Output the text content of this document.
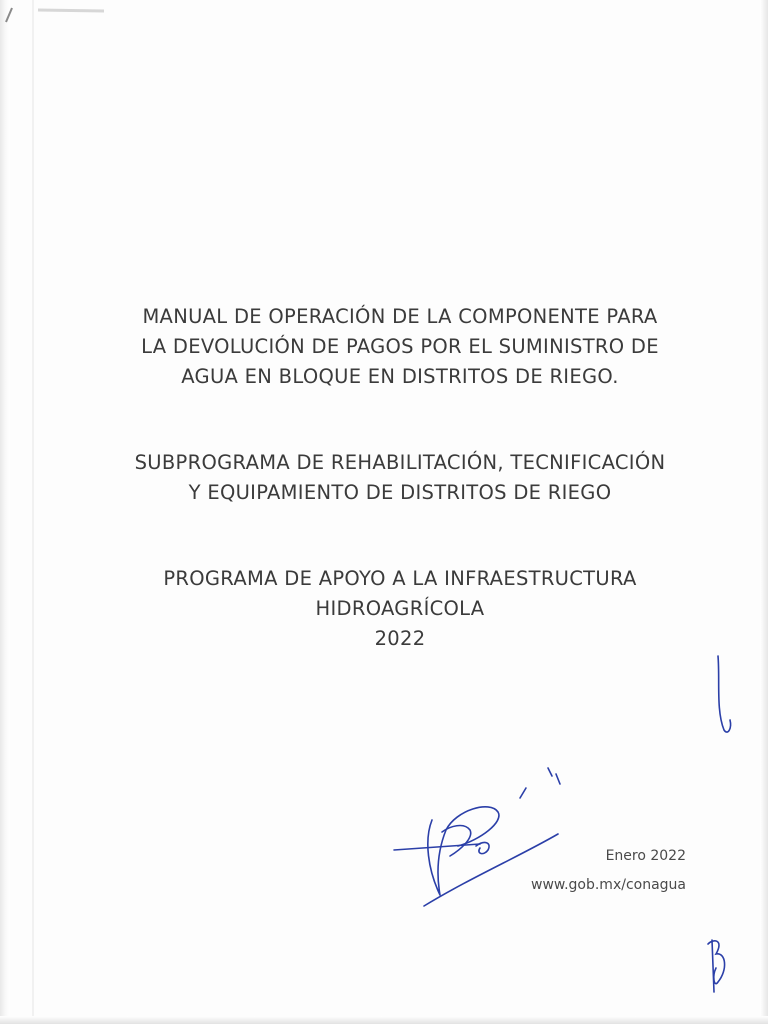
MANUAL DE OPERACIÓN DE LA COMPONENTE PARA
LA DEVOLUCIÓN DE PAGOS POR EL SUMINISTRO DE
AGUA EN BLOQUE EN DISTRITOS DE RIEGO.
SUBPROGRAMA DE REHABILITACIÓN, TECNIFICACIÓN
Y EQUIPAMIENTO DE DISTRITOS DE RIEGO
PROGRAMA DE APOYO A LA INFRAESTRUCTURA
HIDROAGRÍCOLA
2022
Enero 2022
www.gob.mx/conagua
